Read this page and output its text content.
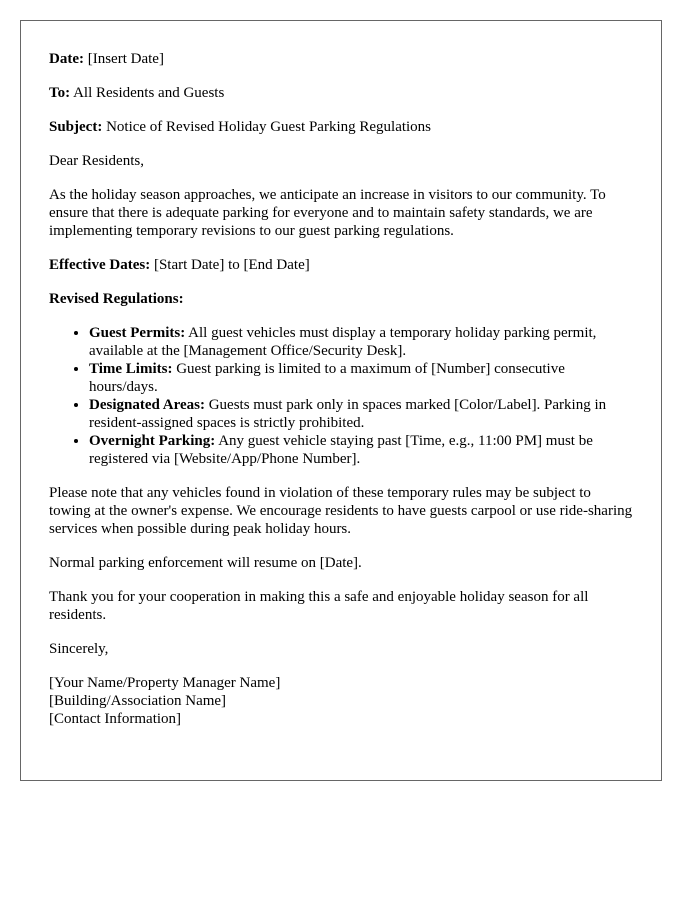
Date: [Insert Date]

To: All Residents and Guests

Subject: Notice of Revised Holiday Guest Parking Regulations

Dear Residents,

As the holiday season approaches, we anticipate an increase in visitors to our community. To ensure that there is adequate parking for everyone and to maintain safety standards, we are implementing temporary revisions to our guest parking regulations.

Effective Dates: [Start Date] to [End Date]

Revised Regulations:

• Guest Permits: All guest vehicles must display a temporary holiday parking permit, available at the [Management Office/Security Desk].
• Time Limits: Guest parking is limited to a maximum of [Number] consecutive hours/days.
• Designated Areas: Guests must park only in spaces marked [Color/Label]. Parking in resident-assigned spaces is strictly prohibited.
• Overnight Parking: Any guest vehicle staying past [Time, e.g., 11:00 PM] must be registered via [Website/App/Phone Number].

Please note that any vehicles found in violation of these temporary rules may be subject to towing at the owner's expense. We encourage residents to have guests carpool or use ride-sharing services when possible during peak holiday hours.

Normal parking enforcement will resume on [Date].

Thank you for your cooperation in making this a safe and enjoyable holiday season for all residents.

Sincerely,

[Your Name/Property Manager Name]
[Building/Association Name]
[Contact Information]
